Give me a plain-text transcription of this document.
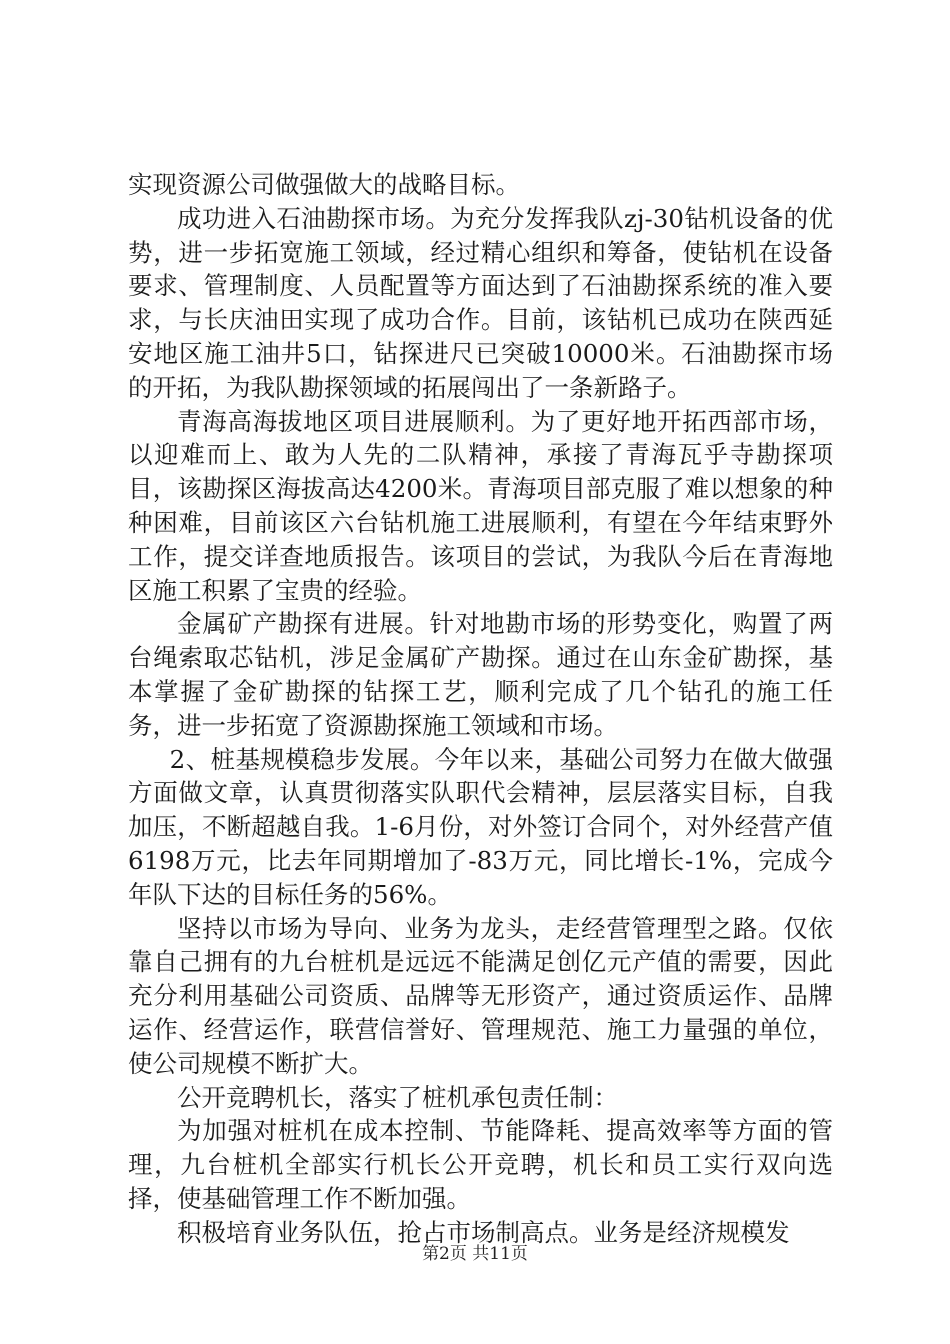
实现资源公司做强做大的战略目标。

成功进入石油勘探市场。为充分发挥我队zj-30钻机设备的优势，进一步拓宽施工领域，经过精心组织和筹备，使钻机在设备要求、管理制度、人员配置等方面达到了石油勘探系统的准入要求，与长庆油田实现了成功合作。目前，该钻机已成功在陕西延安地区施工油井5口，钻探进尺已突破10000米。石油勘探市场的开拓，为我队勘探领域的拓展闯出了一条新路子。

青海高海拔地区项目进展顺利。为了更好地开拓西部市场，以迎难而上、敢为人先的二队精神，承接了青海瓦乎寺勘探项目，该勘探区海拔高达4200米。青海项目部克服了难以想象的种种困难，目前该区六台钻机施工进展顺利，有望在今年结束野外工作，提交详查地质报告。该项目的尝试，为我队今后在青海地区施工积累了宝贵的经验。

金属矿产勘探有进展。针对地勘市场的形势变化，购置了两台绳索取芯钻机，涉足金属矿产勘探。通过在山东金矿勘探，基本掌握了金矿勘探的钻探工艺，顺利完成了几个钻孔的施工任务，进一步拓宽了资源勘探施工领域和市场。

2、桩基规模稳步发展。今年以来，基础公司努力在做大做强方面做文章，认真贯彻落实队职代会精神，层层落实目标，自我加压，不断超越自我。1-6月份，对外签订合同个，对外经营产值6198万元，比去年同期增加了-83万元，同比增长-1%，完成今年队下达的目标任务的56%。

坚持以市场为导向、业务为龙头，走经营管理型之路。仅依靠自己拥有的九台桩机是远远不能满足创亿元产值的需要，因此充分利用基础公司资质、品牌等无形资产，通过资质运作、品牌运作、经营运作，联营信誉好、管理规范、施工力量强的单位，使公司规模不断扩大。

公开竞聘机长，落实了桩机承包责任制：

为加强对桩机在成本控制、节能降耗、提高效率等方面的管理，九台桩机全部实行机长公开竞聘，机长和员工实行双向选择，使基础管理工作不断加强。

积极培育业务队伍，抢占市场制高点。业务是经济规模发

第2页 共11页
